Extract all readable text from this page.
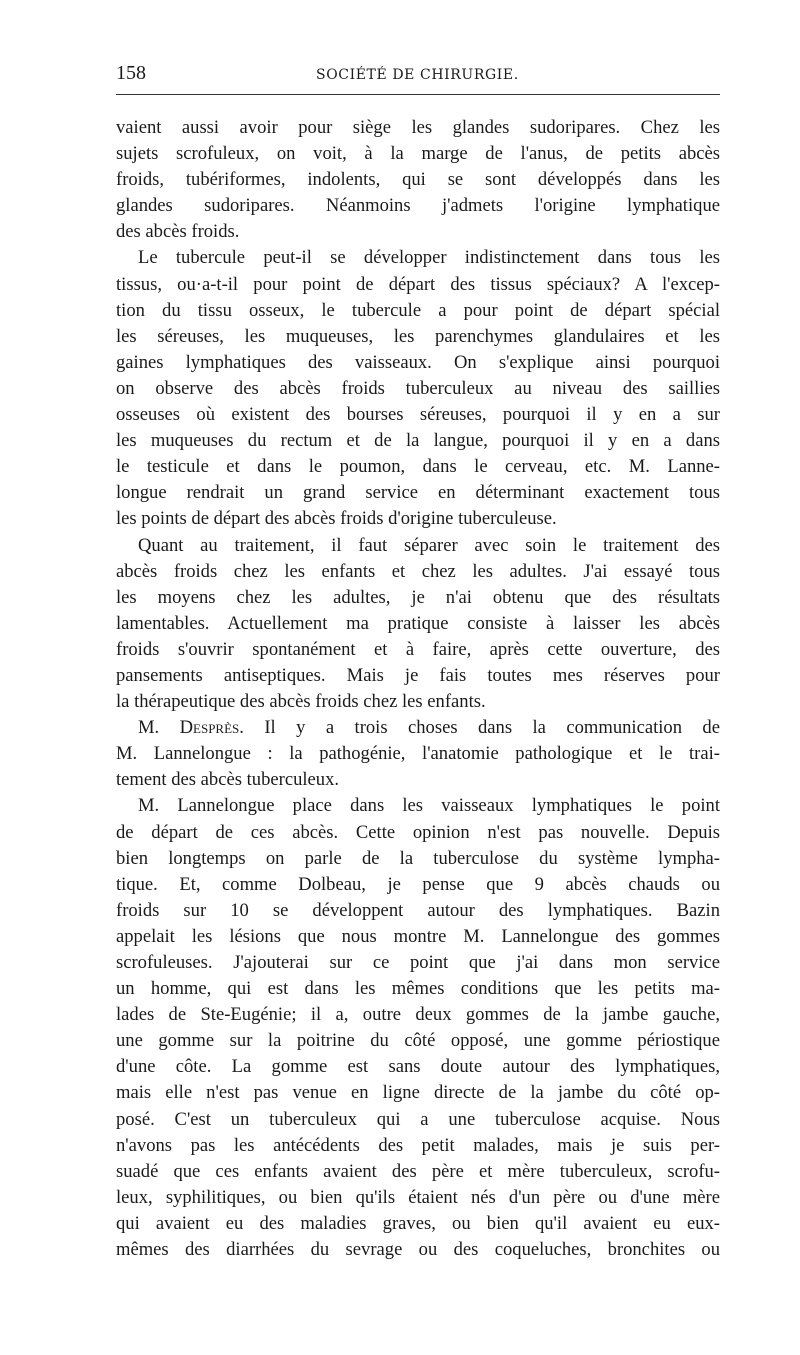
158	SOCIÉTÉ DE CHIRURGIE.
vaient aussi avoir pour siège les glandes sudoripares. Chez les
sujets scrofuleux, on voit, à la marge de l'anus, de petits abcès
froids, tubériformes, indolents, qui se sont développés dans les
glandes sudoripares. Néanmoins j'admets l'origine lymphatique
des abcès froids.
Le tubercule peut-il se développer indistinctement dans tous les
tissus, ou·a-t-il pour point de départ des tissus spéciaux? A l'excep-
tion du tissu osseux, le tubercule a pour point de départ spécial
les séreuses, les muqueuses, les parenchymes glandulaires et les
gaines lymphatiques des vaisseaux. On s'explique ainsi pourquoi
on observe des abcès froids tuberculeux au niveau des saillies
osseuses où existent des bourses séreuses, pourquoi il y en a sur
les muqueuses du rectum et de la langue, pourquoi il y en a dans
le testicule et dans le poumon, dans le cerveau, etc. M. Lanne-
longue rendrait un grand service en déterminant exactement tous
les points de départ des abcès froids d'origine tuberculeuse.
Quant au traitement, il faut séparer avec soin le traitement des
abcès froids chez les enfants et chez les adultes. J'ai essayé tous
les moyens chez les adultes, je n'ai obtenu que des résultats
lamentables. Actuellement ma pratique consiste à laisser les abcès
froids s'ouvrir spontanément et à faire, après cette ouverture, des
pansements antiseptiques. Mais je fais toutes mes réserves pour
la thérapeutique des abcès froids chez les enfants.
M. Desprès. Il y a trois choses dans la communication de
M. Lannelongue : la pathogénie, l'anatomie pathologique et le trai-
tement des abcès tuberculeux.
M. Lannelongue place dans les vaisseaux lymphatiques le point
de départ de ces abcès. Cette opinion n'est pas nouvelle. Depuis
bien longtemps on parle de la tuberculose du système lympha-
tique. Et, comme Dolbeau, je pense que 9 abcès chauds ou
froids sur 10 se développent autour des lymphatiques. Bazin
appelait les lésions que nous montre M. Lannelongue des gommes
scrofuleuses. J'ajouterai sur ce point que j'ai dans mon service
un homme, qui est dans les mêmes conditions que les petits ma-
lades de Ste-Eugénie; il a, outre deux gommes de la jambe gauche,
une gomme sur la poitrine du côté opposé, une gomme périostique
d'une côte. La gomme est sans doute autour des lymphatiques,
mais elle n'est pas venue en ligne directe de la jambe du côté op-
posé. C'est un tuberculeux qui a une tuberculose acquise. Nous
n'avons pas les antécédents des petit malades, mais je suis per-
suadé que ces enfants avaient des père et mère tuberculeux, scrofu-
leux, syphilitiques, ou bien qu'ils étaient nés d'un père ou d'une mère
qui avaient eu des maladies graves, ou bien qu'il avaient eu eux-
mêmes des diarrhées du sevrage ou des coqueluches, bronchites ou
